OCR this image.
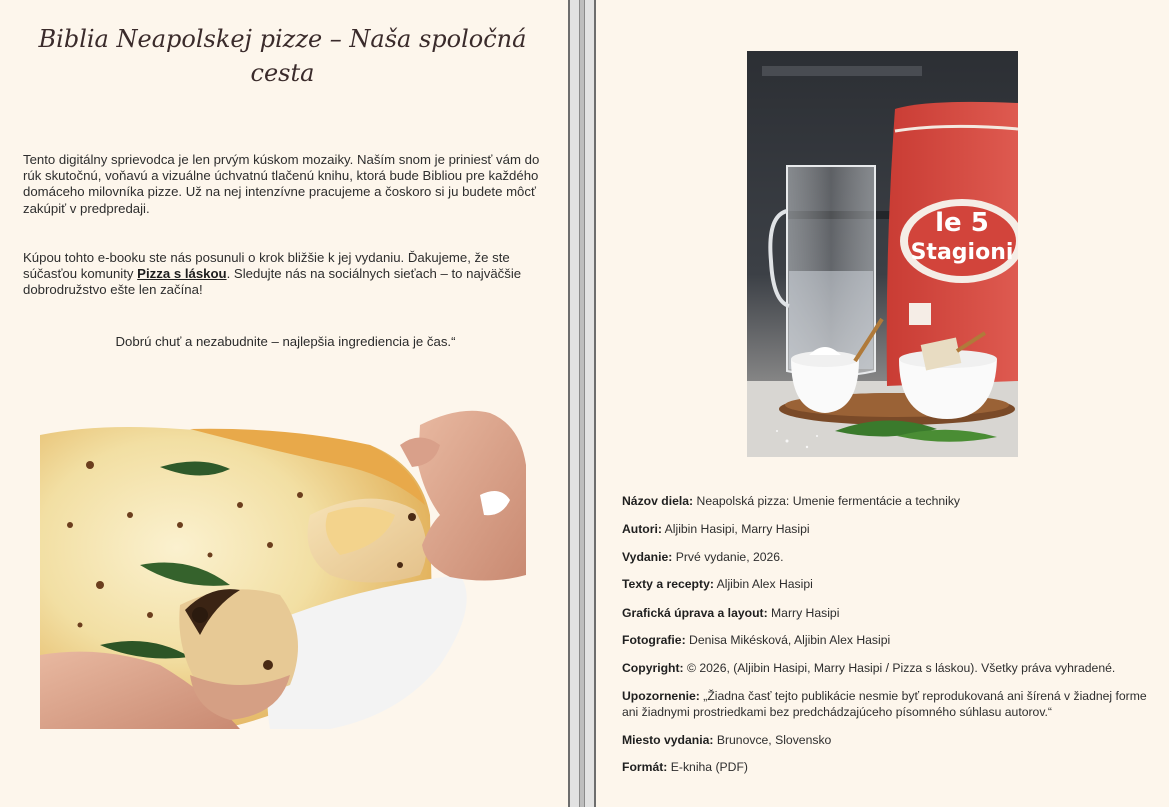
Biblia Neapolskej pizze – Naša spoločná cesta

Tento digitálny sprievodca je len prvým kúskom mozaiky. Naším snom je priniesť vám do rúk skutočnú, voňavú a vizuálne úchvatnú tlačenú knihu, ktorá bude Bibliou pre každého domáceho milovníka pizze. Už na nej intenzívne pracujeme a čoskoro si ju budete môcť zakúpiť v predpredaji.

Kúpou tohto e-booku ste nás posunuli o krok bližšie k jej vydaniu. Ďakujeme, že ste súčasťou komunity Pizza s láskou. Sledujte nás na sociálnych sieťach – to najväčšie dobrodružstvo ešte len začína!

Dobrú chuť a nezabudnite – najlepšia ingrediencia je čas.“

le 5
Stagioni

Názov diela: Neapolská pizza: Umenie fermentácie a techniky

Autori: Aljibin Hasipi, Marry Hasipi

Vydanie: Prvé vydanie, 2026.

Texty a recepty: Aljibin Alex Hasipi

Grafická úprava a layout: Marry Hasipi

Fotografie: Denisa Mikésková, Aljibin Alex Hasipi

Copyright: © 2026, (Aljibin Hasipi, Marry Hasipi / Pizza s láskou). Všetky práva vyhradené.

Upozornenie: „Žiadna časť tejto publikácie nesmie byť reprodukovaná ani šírená v žiadnej forme ani žiadnymi prostriedkami bez predchádzajúceho písomného súhlasu autorov.“

Miesto vydania: Brunovce, Slovensko

Formát: E-kniha (PDF)
